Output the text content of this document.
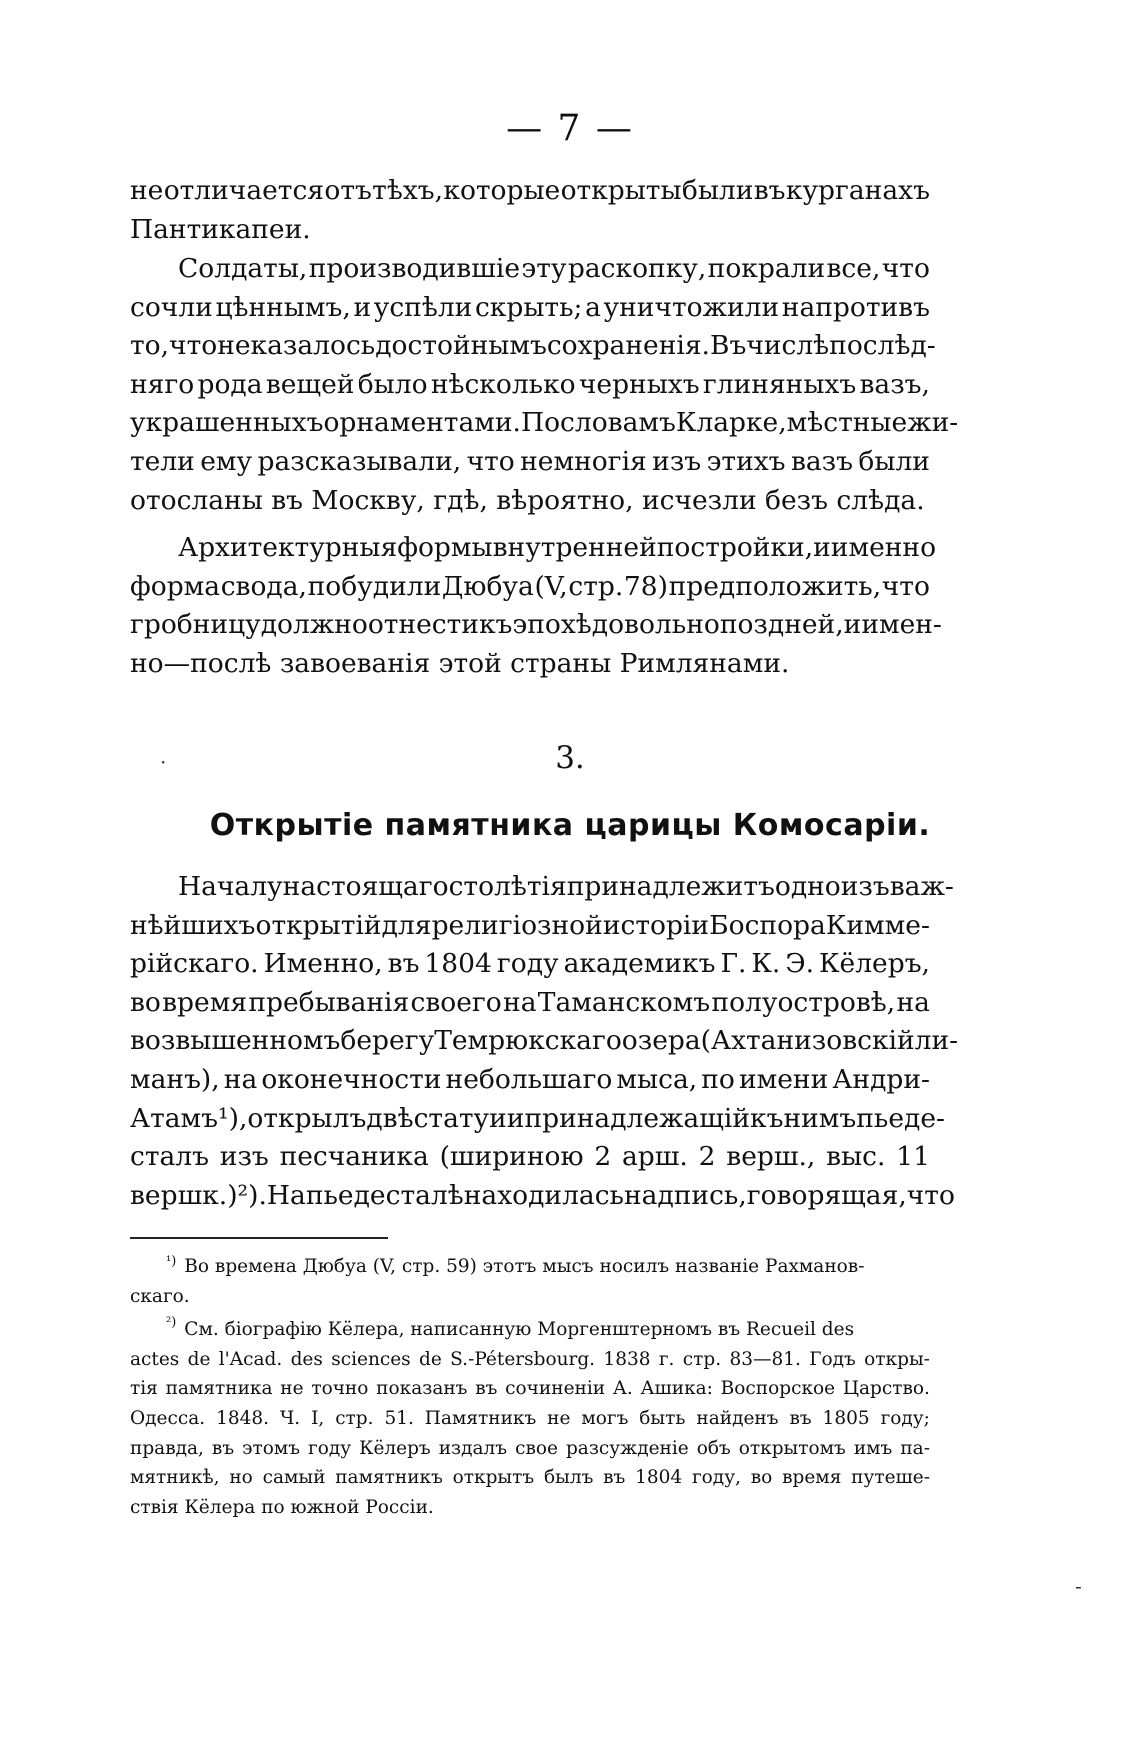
— 7 —
не отличается отъ тѣхъ, которые открыты были въ курганахъ
Пантикапеи.
Солдаты, производившіе эту раскопку, покрали все, что
сочли цѣннымъ, и успѣли скрыть; а уничтожили напротивъ
то, что не казалось достойнымъ сохраненія. Въ числѣ послѣд-
няго рода вещей было нѣсколько черныхъ глиняныхъ вазъ,
украшенныхъ орнаментами. По словамъ Кларке, мѣстные жи-
тели ему разсказывали, что немногія изъ этихъ вазъ были
отосланы въ Москву, гдѣ, вѣроятно, исчезли безъ слѣда.
Архитектурныя формы внутренней постройки, и именно
форма свода, побудили Дюбуа (V, стр. 78) предположить, что
гробницу должно отнести къ эпохѣ довольно поздней, и имен-
но—послѣ завоеванія этой страны Римлянами.
3.
Открытіе памятника царицы Комосаріи.
Началу настоящаго столѣтія принадлежитъ одно изъ важ-
нѣйшихъ открытій для религіозной исторіи Боспора Кимме-
рійскаго. Именно, въ 1804 году академикъ Г. К. Э. Кёлеръ,
во время пребыванія своего на Таманскомъ полуостровѣ, на
возвышенномъ берегу Темрюкскаго озера (Ахтанизовскій ли-
манъ), на оконечности небольшаго мыса, по имени Андри-
Атамъ ¹), открылъ двѣ статуи и принадлежащій къ нимъ пьеде-
сталъ изъ песчаника (шириною 2 арш. 2 верш., выс. 11
вершк.) ²). На пьедесталѣ находилась надпись, говорящая, что
$^{^1)}$ Во времена Дюбуа (V, стр. 59) этотъ мысъ носилъ названіе Рахманов-
скаго.
²) См. біографію Кёлера, написанную Моргенштерномъ въ Recueil des
actes de l'Acad. des sciences de S.-Pétersbourg. 1838 г. стр. 83—81. Годъ откры-
тія памятника не точно показанъ въ сочиненіи А. Ашика: Воспорское Царство.
Одесса. 1848. Ч. I, стр. 51. Памятникъ не могъ быть найденъ въ 1805 году;
правда, въ этомъ году Кёлеръ издалъ свое разсужденіе объ открытомъ имъ па-
мятникѣ, но самый памятникъ открытъ былъ въ 1804 году, во время путеше-
ствія Кёлера по южной Россіи.
·
-
